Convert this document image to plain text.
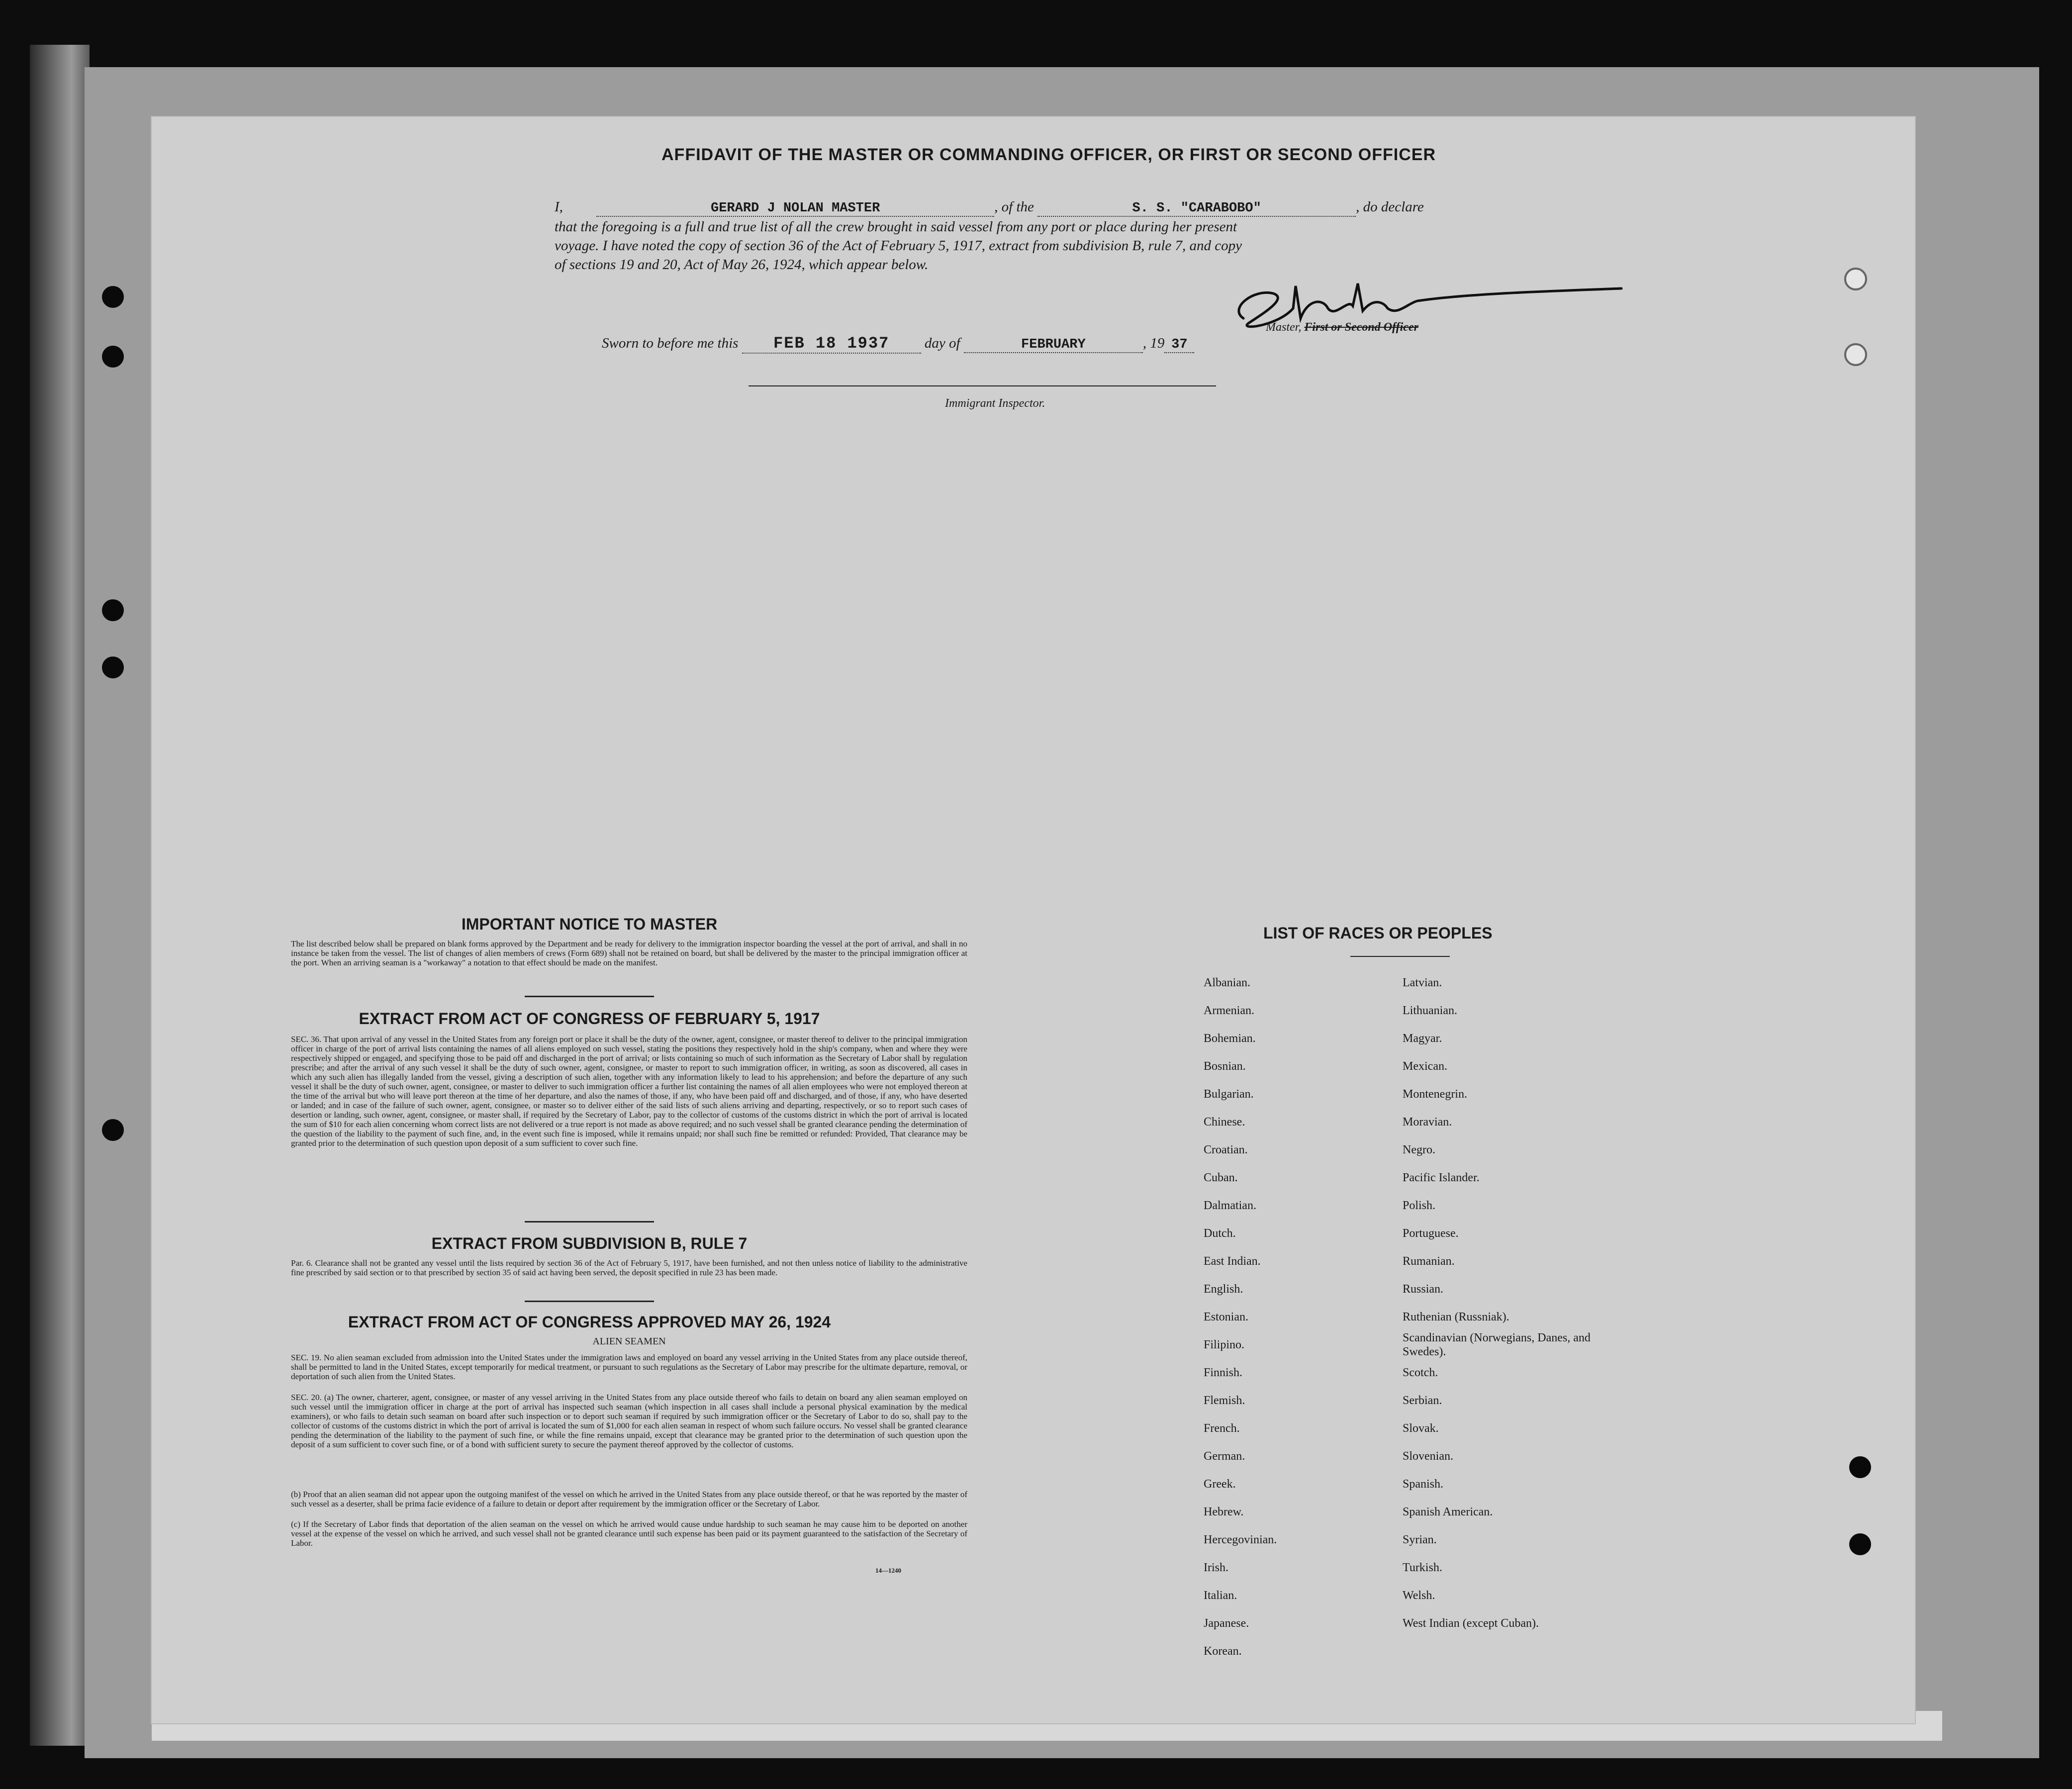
AFFIDAVIT OF THE MASTER OR COMMANDING OFFICER, OR FIRST OR SECOND OFFICER
I,	GERARD J NOLAN MASTER	, of the	S. S. "CARABOBO"	, do declare
that the foregoing is a full and true list of all the crew brought in said vessel from any port or place during her present
voyage. I have noted the copy of section 36 of the Act of February 5, 1917, extract from subdivision B, rule 7, and copy
of sections 19 and 20, Act of May 26, 1924, which appear below.
G J Nolan
Sworn to before me this FEB 18 1937 day of	FEBRUARY	, 19 37
Master, First or Second Officer
Immigrant Inspector.
IMPORTANT NOTICE TO MASTER
The list described below shall be prepared on blank forms approved by the Department and be ready for delivery to the immigration inspector boarding the vessel at the port of arrival, and shall in no instance be taken from the vessel. The list of changes of alien members of crews (Form 689) shall not be retained on board, but shall be delivered by the master to the principal immigration officer at the port. When an arriving seaman is a "workaway" a notation to that effect should be made on the manifest.
EXTRACT FROM ACT OF CONGRESS OF FEBRUARY 5, 1917
SEC. 36. That upon arrival of any vessel in the United States from any foreign port or place it shall be the duty of the owner, agent, consignee, or master thereof to deliver to the principal immigration officer in charge of the port of arrival lists containing the names of all aliens employed on such vessel, stating the positions they respectively hold in the ship's company, when and where they were respectively shipped or engaged, and specifying those to be paid off and discharged in the port of arrival; or lists containing so much of such information as the Secretary of Labor shall by regulation prescribe; and after the arrival of any such vessel it shall be the duty of such owner, agent, consignee, or master to report to such immigration officer, in writing, as soon as discovered, all cases in which any such alien has illegally landed from the vessel, giving a description of such alien, together with any information likely to lead to his apprehension; and before the departure of any such vessel it shall be the duty of such owner, agent, consignee, or master to deliver to such immigration officer a further list containing the names of all alien employees who were not employed thereon at the time of the arrival but who will leave port thereon at the time of her departure, and also the names of those, if any, who have been paid off and discharged, and of those, if any, who have deserted or landed; and in case of the failure of such owner, agent, consignee, or master so to deliver either of the said lists of such aliens arriving and departing, respectively, or so to report such cases of desertion or landing, such owner, agent, consignee, or master shall, if required by the Secretary of Labor, pay to the collector of customs of the customs district in which the port of arrival is located the sum of $10 for each alien concerning whom correct lists are not delivered or a true report is not made as above required; and no such vessel shall be granted clearance pending the determination of the question of the liability to the payment of such fine, and, in the event such fine is imposed, while it remains unpaid; nor shall such fine be remitted or refunded: Provided, That clearance may be granted prior to the determination of such question upon deposit of a sum sufficient to cover such fine.
EXTRACT FROM SUBDIVISION B, RULE 7
Par. 6. Clearance shall not be granted any vessel until the lists required by section 36 of the Act of February 5, 1917, have been furnished, and not then unless notice of liability to the administrative fine prescribed by said section or to that prescribed by section 35 of said act having been served, the deposit specified in rule 23 has been made.
EXTRACT FROM ACT OF CONGRESS APPROVED MAY 26, 1924
ALIEN SEAMEN
SEC. 19. No alien seaman excluded from admission into the United States under the immigration laws and employed on board any vessel arriving in the United States from any place outside thereof, shall be permitted to land in the United States, except temporarily for medical treatment, or pursuant to such regulations as the Secretary of Labor may prescribe for the ultimate departure, removal, or deportation of such alien from the United States.
SEC. 20. (a) The owner, charterer, agent, consignee, or master of any vessel arriving in the United States from any place outside thereof who fails to detain on board any alien seaman employed on such vessel until the immigration officer in charge at the port of arrival has inspected such seaman (which inspection in all cases shall include a personal physical examination by the medical examiners), or who fails to detain such seaman on board after such inspection or to deport such seaman if required by such immigration officer or the Secretary of Labor to do so, shall pay to the collector of customs of the customs district in which the port of arrival is located the sum of $1,000 for each alien seaman in respect of whom such failure occurs. No vessel shall be granted clearance pending the determination of the liability to the payment of such fine, or while the fine remains unpaid, except that clearance may be granted prior to the determination of such question upon the deposit of a sum sufficient to cover such fine, or of a bond with sufficient surety to secure the payment thereof approved by the collector of customs.
(b) Proof that an alien seaman did not appear upon the outgoing manifest of the vessel on which he arrived in the United States from any place outside thereof, or that he was reported by the master of such vessel as a deserter, shall be prima facie evidence of a failure to detain or deport after requirement by the immigration officer or the Secretary of Labor.
(c) If the Secretary of Labor finds that deportation of the alien seaman on the vessel on which he arrived would cause undue hardship to such seaman he may cause him to be deported on another vessel at the expense of the vessel on which he arrived, and such vessel shall not be granted clearance until such expense has been paid or its payment guaranteed to the satisfaction of the Secretary of Labor.
14—1240
LIST OF RACES OR PEOPLES
Albanian.
Armenian.
Bohemian.
Bosnian.
Bulgarian.
Chinese.
Croatian.
Cuban.
Dalmatian.
Dutch.
East Indian.
English.
Estonian.
Filipino.
Finnish.
Flemish.
French.
German.
Greek.
Hebrew.
Hercegovinian.
Irish.
Italian.
Japanese.
Korean.
Latvian.
Lithuanian.
Magyar.
Mexican.
Montenegrin.
Moravian.
Negro.
Pacific Islander.
Polish.
Portuguese.
Rumanian.
Russian.
Ruthenian (Russniak).
Scandinavian (Norwegians, Danes, and Swedes).
Scotch.
Serbian.
Slovak.
Slovenian.
Spanish.
Spanish American.
Syrian.
Turkish.
Welsh.
West Indian (except Cuban).
